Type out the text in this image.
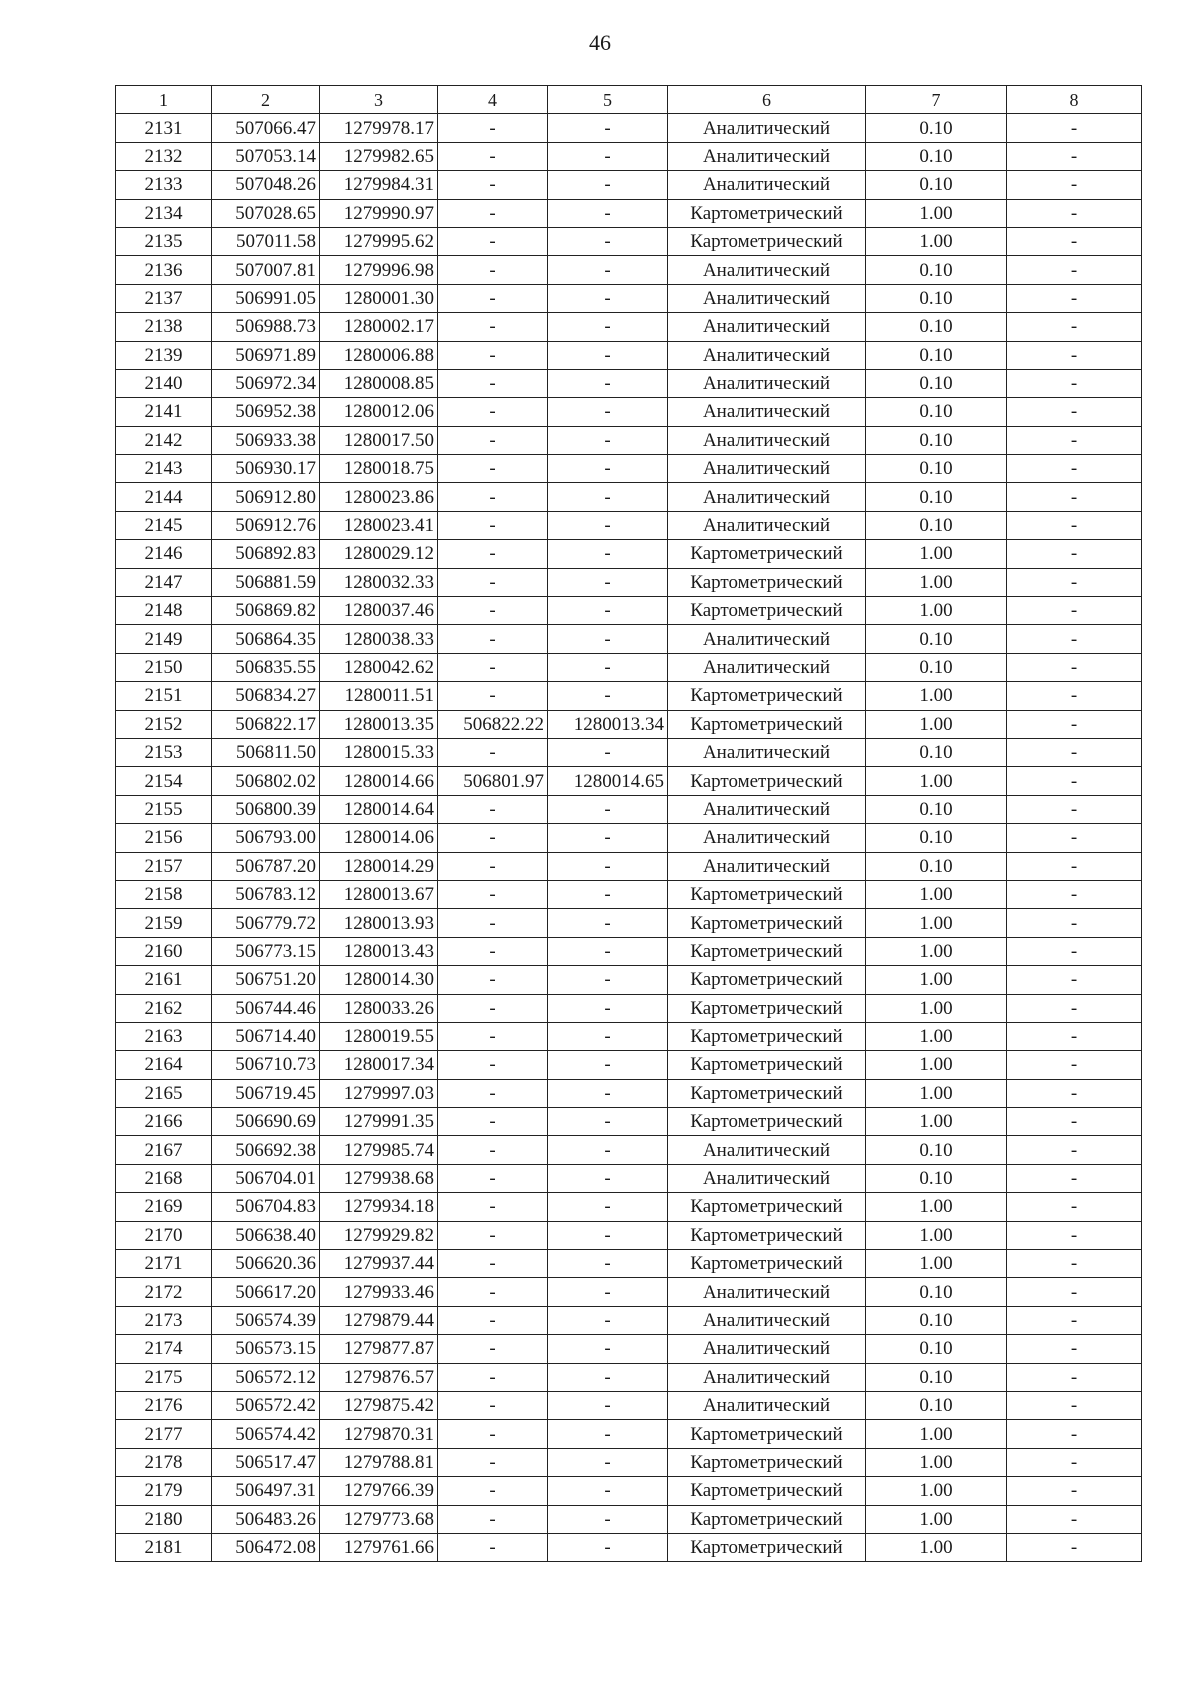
46
1	2	3	4	5	6	7	8
2131	507066.47	1279978.17	-	-	Аналитический	0.10	-
2132	507053.14	1279982.65	-	-	Аналитический	0.10	-
2133	507048.26	1279984.31	-	-	Аналитический	0.10	-
2134	507028.65	1279990.97	-	-	Картометрический	1.00	-
2135	507011.58	1279995.62	-	-	Картометрический	1.00	-
2136	507007.81	1279996.98	-	-	Аналитический	0.10	-
2137	506991.05	1280001.30	-	-	Аналитический	0.10	-
2138	506988.73	1280002.17	-	-	Аналитический	0.10	-
2139	506971.89	1280006.88	-	-	Аналитический	0.10	-
2140	506972.34	1280008.85	-	-	Аналитический	0.10	-
2141	506952.38	1280012.06	-	-	Аналитический	0.10	-
2142	506933.38	1280017.50	-	-	Аналитический	0.10	-
2143	506930.17	1280018.75	-	-	Аналитический	0.10	-
2144	506912.80	1280023.86	-	-	Аналитический	0.10	-
2145	506912.76	1280023.41	-	-	Аналитический	0.10	-
2146	506892.83	1280029.12	-	-	Картометрический	1.00	-
2147	506881.59	1280032.33	-	-	Картометрический	1.00	-
2148	506869.82	1280037.46	-	-	Картометрический	1.00	-
2149	506864.35	1280038.33	-	-	Аналитический	0.10	-
2150	506835.55	1280042.62	-	-	Аналитический	0.10	-
2151	506834.27	1280011.51	-	-	Картометрический	1.00	-
2152	506822.17	1280013.35	506822.22	1280013.34	Картометрический	1.00	-
2153	506811.50	1280015.33	-	-	Аналитический	0.10	-
2154	506802.02	1280014.66	506801.97	1280014.65	Картометрический	1.00	-
2155	506800.39	1280014.64	-	-	Аналитический	0.10	-
2156	506793.00	1280014.06	-	-	Аналитический	0.10	-
2157	506787.20	1280014.29	-	-	Аналитический	0.10	-
2158	506783.12	1280013.67	-	-	Картометрический	1.00	-
2159	506779.72	1280013.93	-	-	Картометрический	1.00	-
2160	506773.15	1280013.43	-	-	Картометрический	1.00	-
2161	506751.20	1280014.30	-	-	Картометрический	1.00	-
2162	506744.46	1280033.26	-	-	Картометрический	1.00	-
2163	506714.40	1280019.55	-	-	Картометрический	1.00	-
2164	506710.73	1280017.34	-	-	Картометрический	1.00	-
2165	506719.45	1279997.03	-	-	Картометрический	1.00	-
2166	506690.69	1279991.35	-	-	Картометрический	1.00	-
2167	506692.38	1279985.74	-	-	Аналитический	0.10	-
2168	506704.01	1279938.68	-	-	Аналитический	0.10	-
2169	506704.83	1279934.18	-	-	Картометрический	1.00	-
2170	506638.40	1279929.82	-	-	Картометрический	1.00	-
2171	506620.36	1279937.44	-	-	Картометрический	1.00	-
2172	506617.20	1279933.46	-	-	Аналитический	0.10	-
2173	506574.39	1279879.44	-	-	Аналитический	0.10	-
2174	506573.15	1279877.87	-	-	Аналитический	0.10	-
2175	506572.12	1279876.57	-	-	Аналитический	0.10	-
2176	506572.42	1279875.42	-	-	Аналитический	0.10	-
2177	506574.42	1279870.31	-	-	Картометрический	1.00	-
2178	506517.47	1279788.81	-	-	Картометрический	1.00	-
2179	506497.31	1279766.39	-	-	Картометрический	1.00	-
2180	506483.26	1279773.68	-	-	Картометрический	1.00	-
2181	506472.08	1279761.66	-	-	Картометрический	1.00	-
